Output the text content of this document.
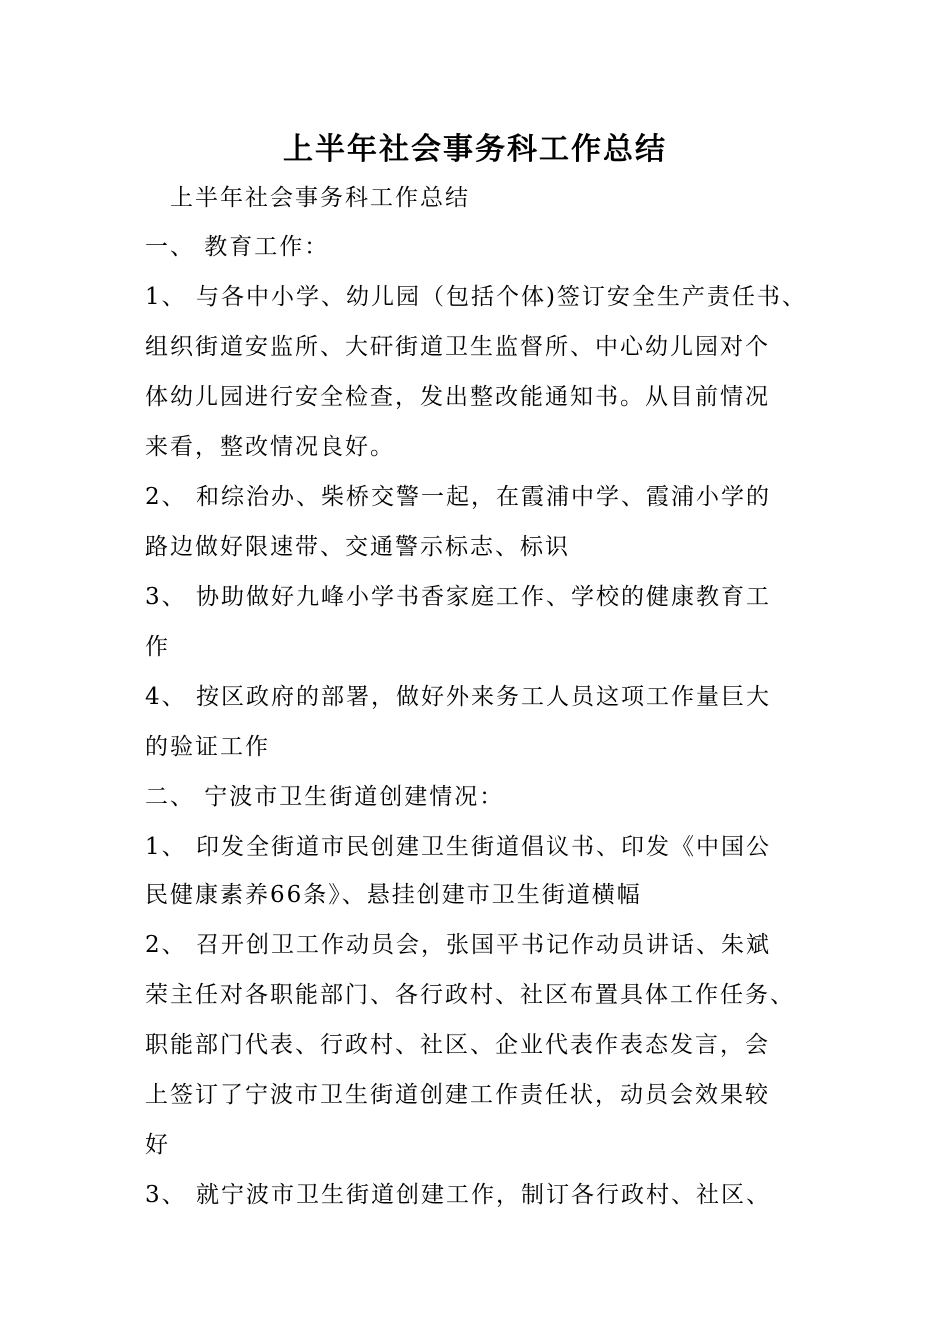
上半年社会事务科工作总结
上半年社会事务科工作总结
一、 教育工作：
1、 与各中小学、幼儿园（包括个体)签订安全生产责任书、
组织街道安监所、大矸街道卫生监督所、中心幼儿园对个
体幼儿园进行安全检查，发出整改能通知书。从目前情况
来看，整改情况良好。
2、 和综治办、柴桥交警一起，在霞浦中学、霞浦小学的
路边做好限速带、交通警示标志、标识
3、 协助做好九峰小学书香家庭工作、学校的健康教育工
作
4、 按区政府的部署，做好外来务工人员这项工作量巨大
的验证工作
二、 宁波市卫生街道创建情况：
1、 印发全街道市民创建卫生街道倡议书、印发《中国公
民健康素养66条》、悬挂创建市卫生街道横幅
2、 召开创卫工作动员会，张国平书记作动员讲话、朱斌
荣主任对各职能部门、各行政村、社区布置具体工作任务、
职能部门代表、行政村、社区、企业代表作表态发言，会
上签订了宁波市卫生街道创建工作责任状，动员会效果较
好
3、 就宁波市卫生街道创建工作，制订各行政村、社区、
